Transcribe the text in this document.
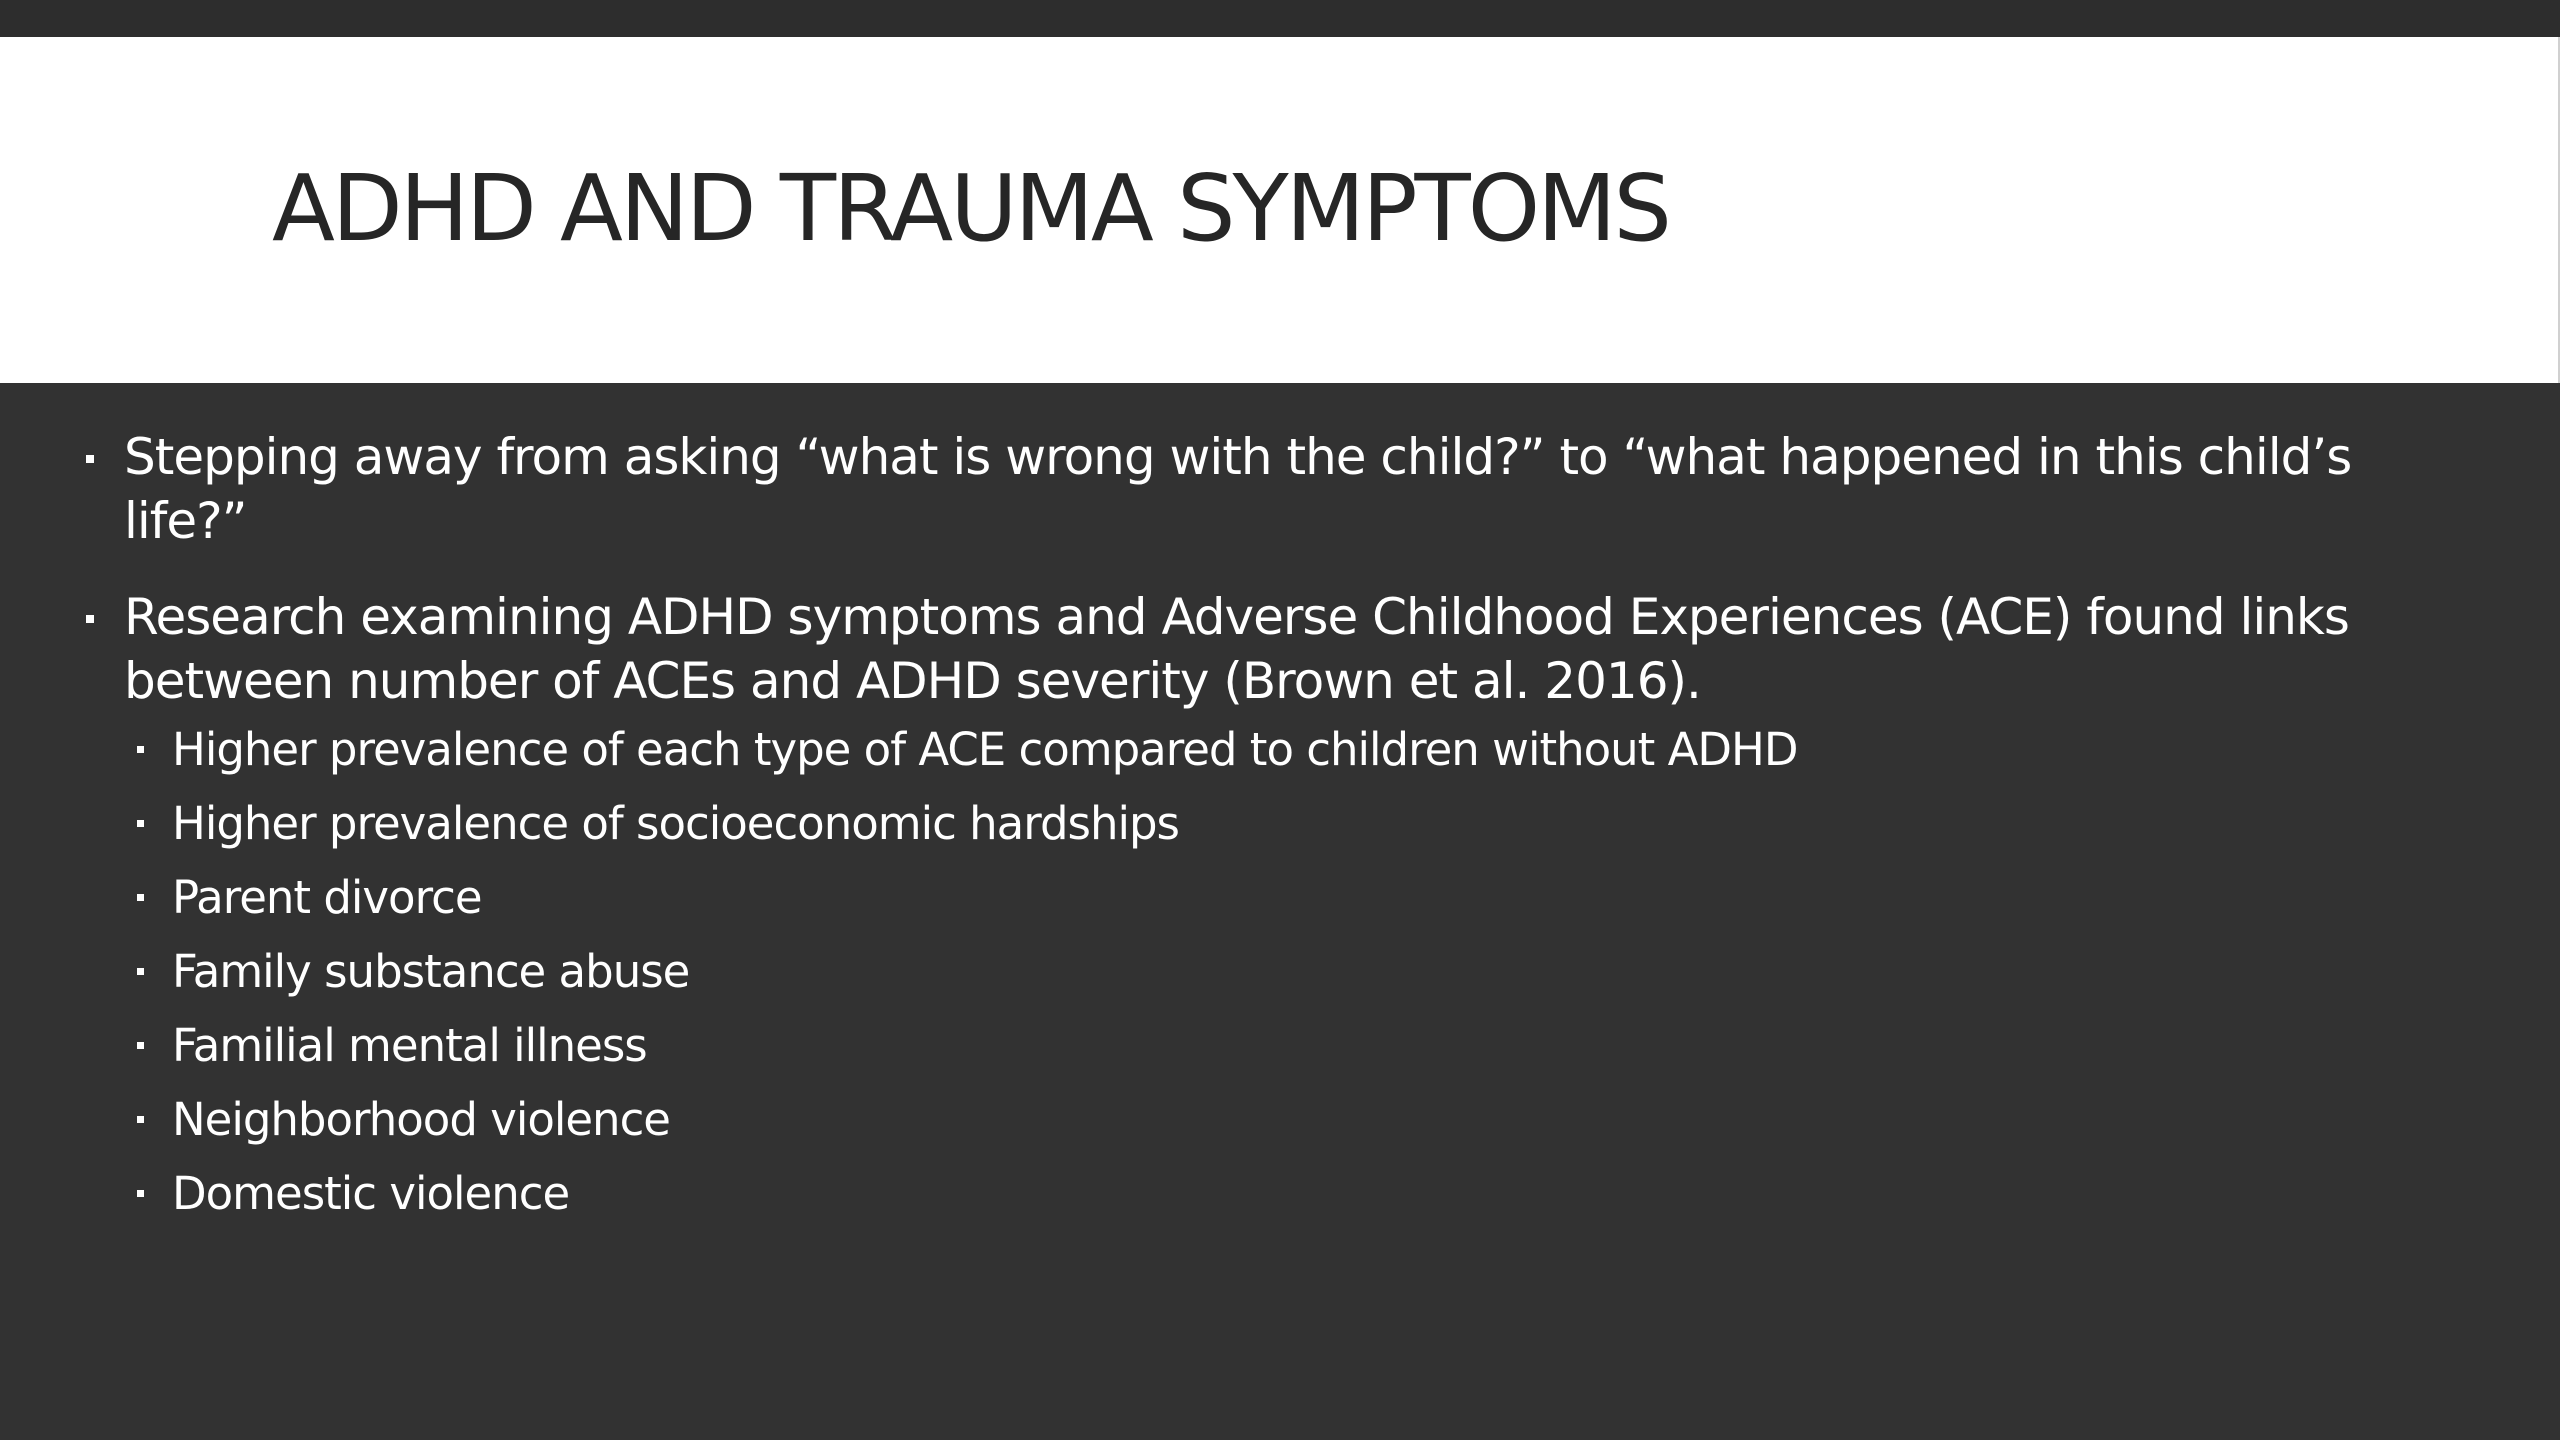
ADHD AND TRAUMA SYMPTOMS
Stepping away from asking “what is wrong with the child?” to “what happened in this child’s life?”
Research examining ADHD symptoms and Adverse Childhood Experiences (ACE) found links between number of ACEs and ADHD severity (Brown et al. 2016).
Higher prevalence of each type of ACE compared to children without ADHD
Higher prevalence of socioeconomic hardships
Parent divorce
Family substance abuse
Familial mental illness
Neighborhood violence
Domestic violence
